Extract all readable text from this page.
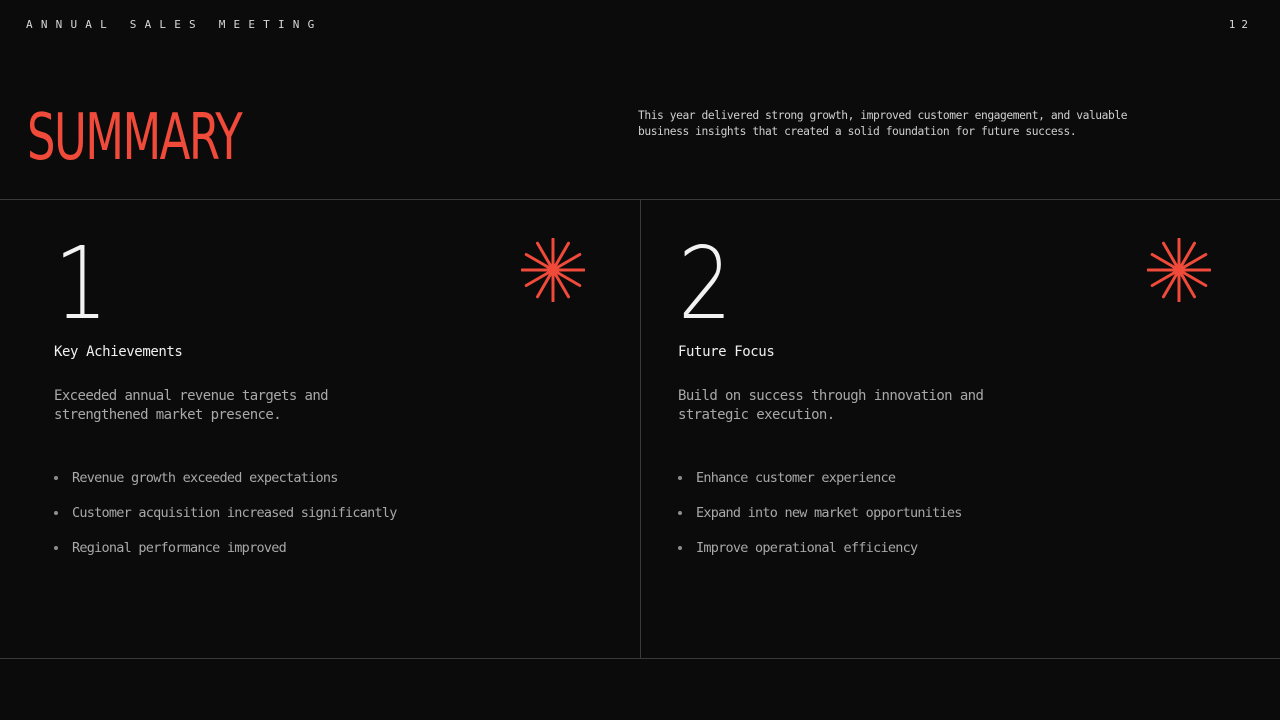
ANNUAL SALES MEETING	12
SUMMARY	This year delivered strong growth, improved customer engagement, and valuable business insights that created a solid foundation for future success.
1
Key Achievements
Exceeded annual revenue targets and strengthened market presence.
Revenue growth exceeded expectations
Customer acquisition increased significantly
Regional performance improved
2
Future Focus
Build on success through innovation and strategic execution.
Enhance customer experience
Expand into new market opportunities
Improve operational efficiency
